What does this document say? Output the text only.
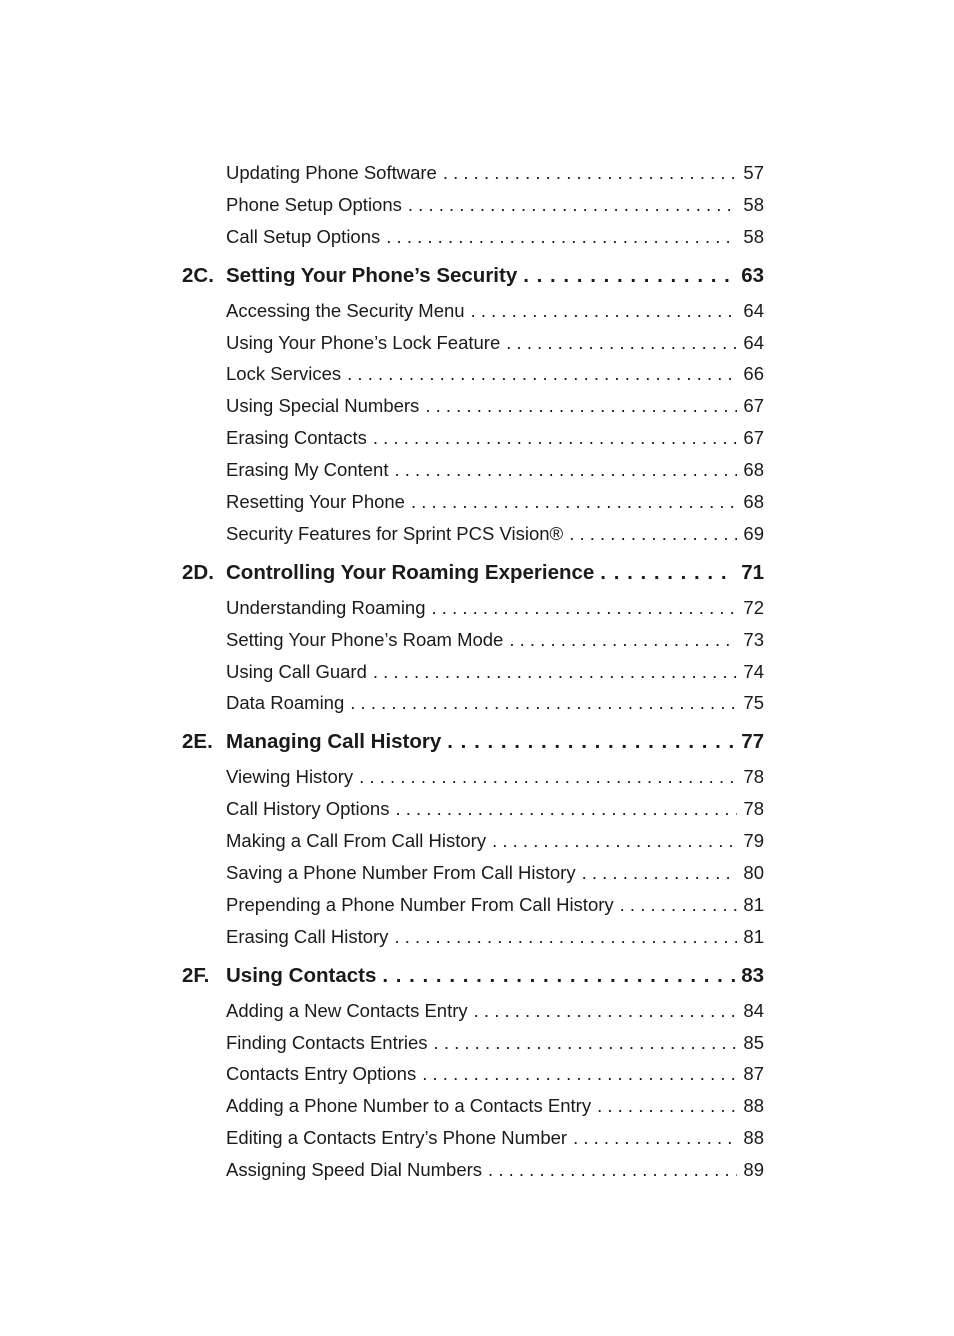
Updating Phone Software . . .	57
Phone Setup Options . . .	58
Call Setup Options . . .	58
2C. Setting Your Phone’s Security . . .	63
Accessing the Security Menu . . .	64
Using Your Phone’s Lock Feature . . .	64
Lock Services . . .	66
Using Special Numbers . . .	67
Erasing Contacts . . .	67
Erasing My Content . . .	68
Resetting Your Phone . . .	68
Security Features for Sprint PCS Vision® . . .	69
2D. Controlling Your Roaming Experience . . .	71
Understanding Roaming . . .	72
Setting Your Phone’s Roam Mode . . .	73
Using Call Guard . . .	74
Data Roaming . . .	75
2E. Managing Call History . . .	77
Viewing History . . .	78
Call History Options . . .	78
Making a Call From Call History . . .	79
Saving a Phone Number From Call History . . .	80
Prepending a Phone Number From Call History . . .	81
Erasing Call History . . .	81
2F. Using Contacts . . .	83
Adding a New Contacts Entry . . .	84
Finding Contacts Entries . . .	85
Contacts Entry Options . . .	87
Adding a Phone Number to a Contacts Entry . . .	88
Editing a Contacts Entry’s Phone Number . . .	88
Assigning Speed Dial Numbers . . .	89
